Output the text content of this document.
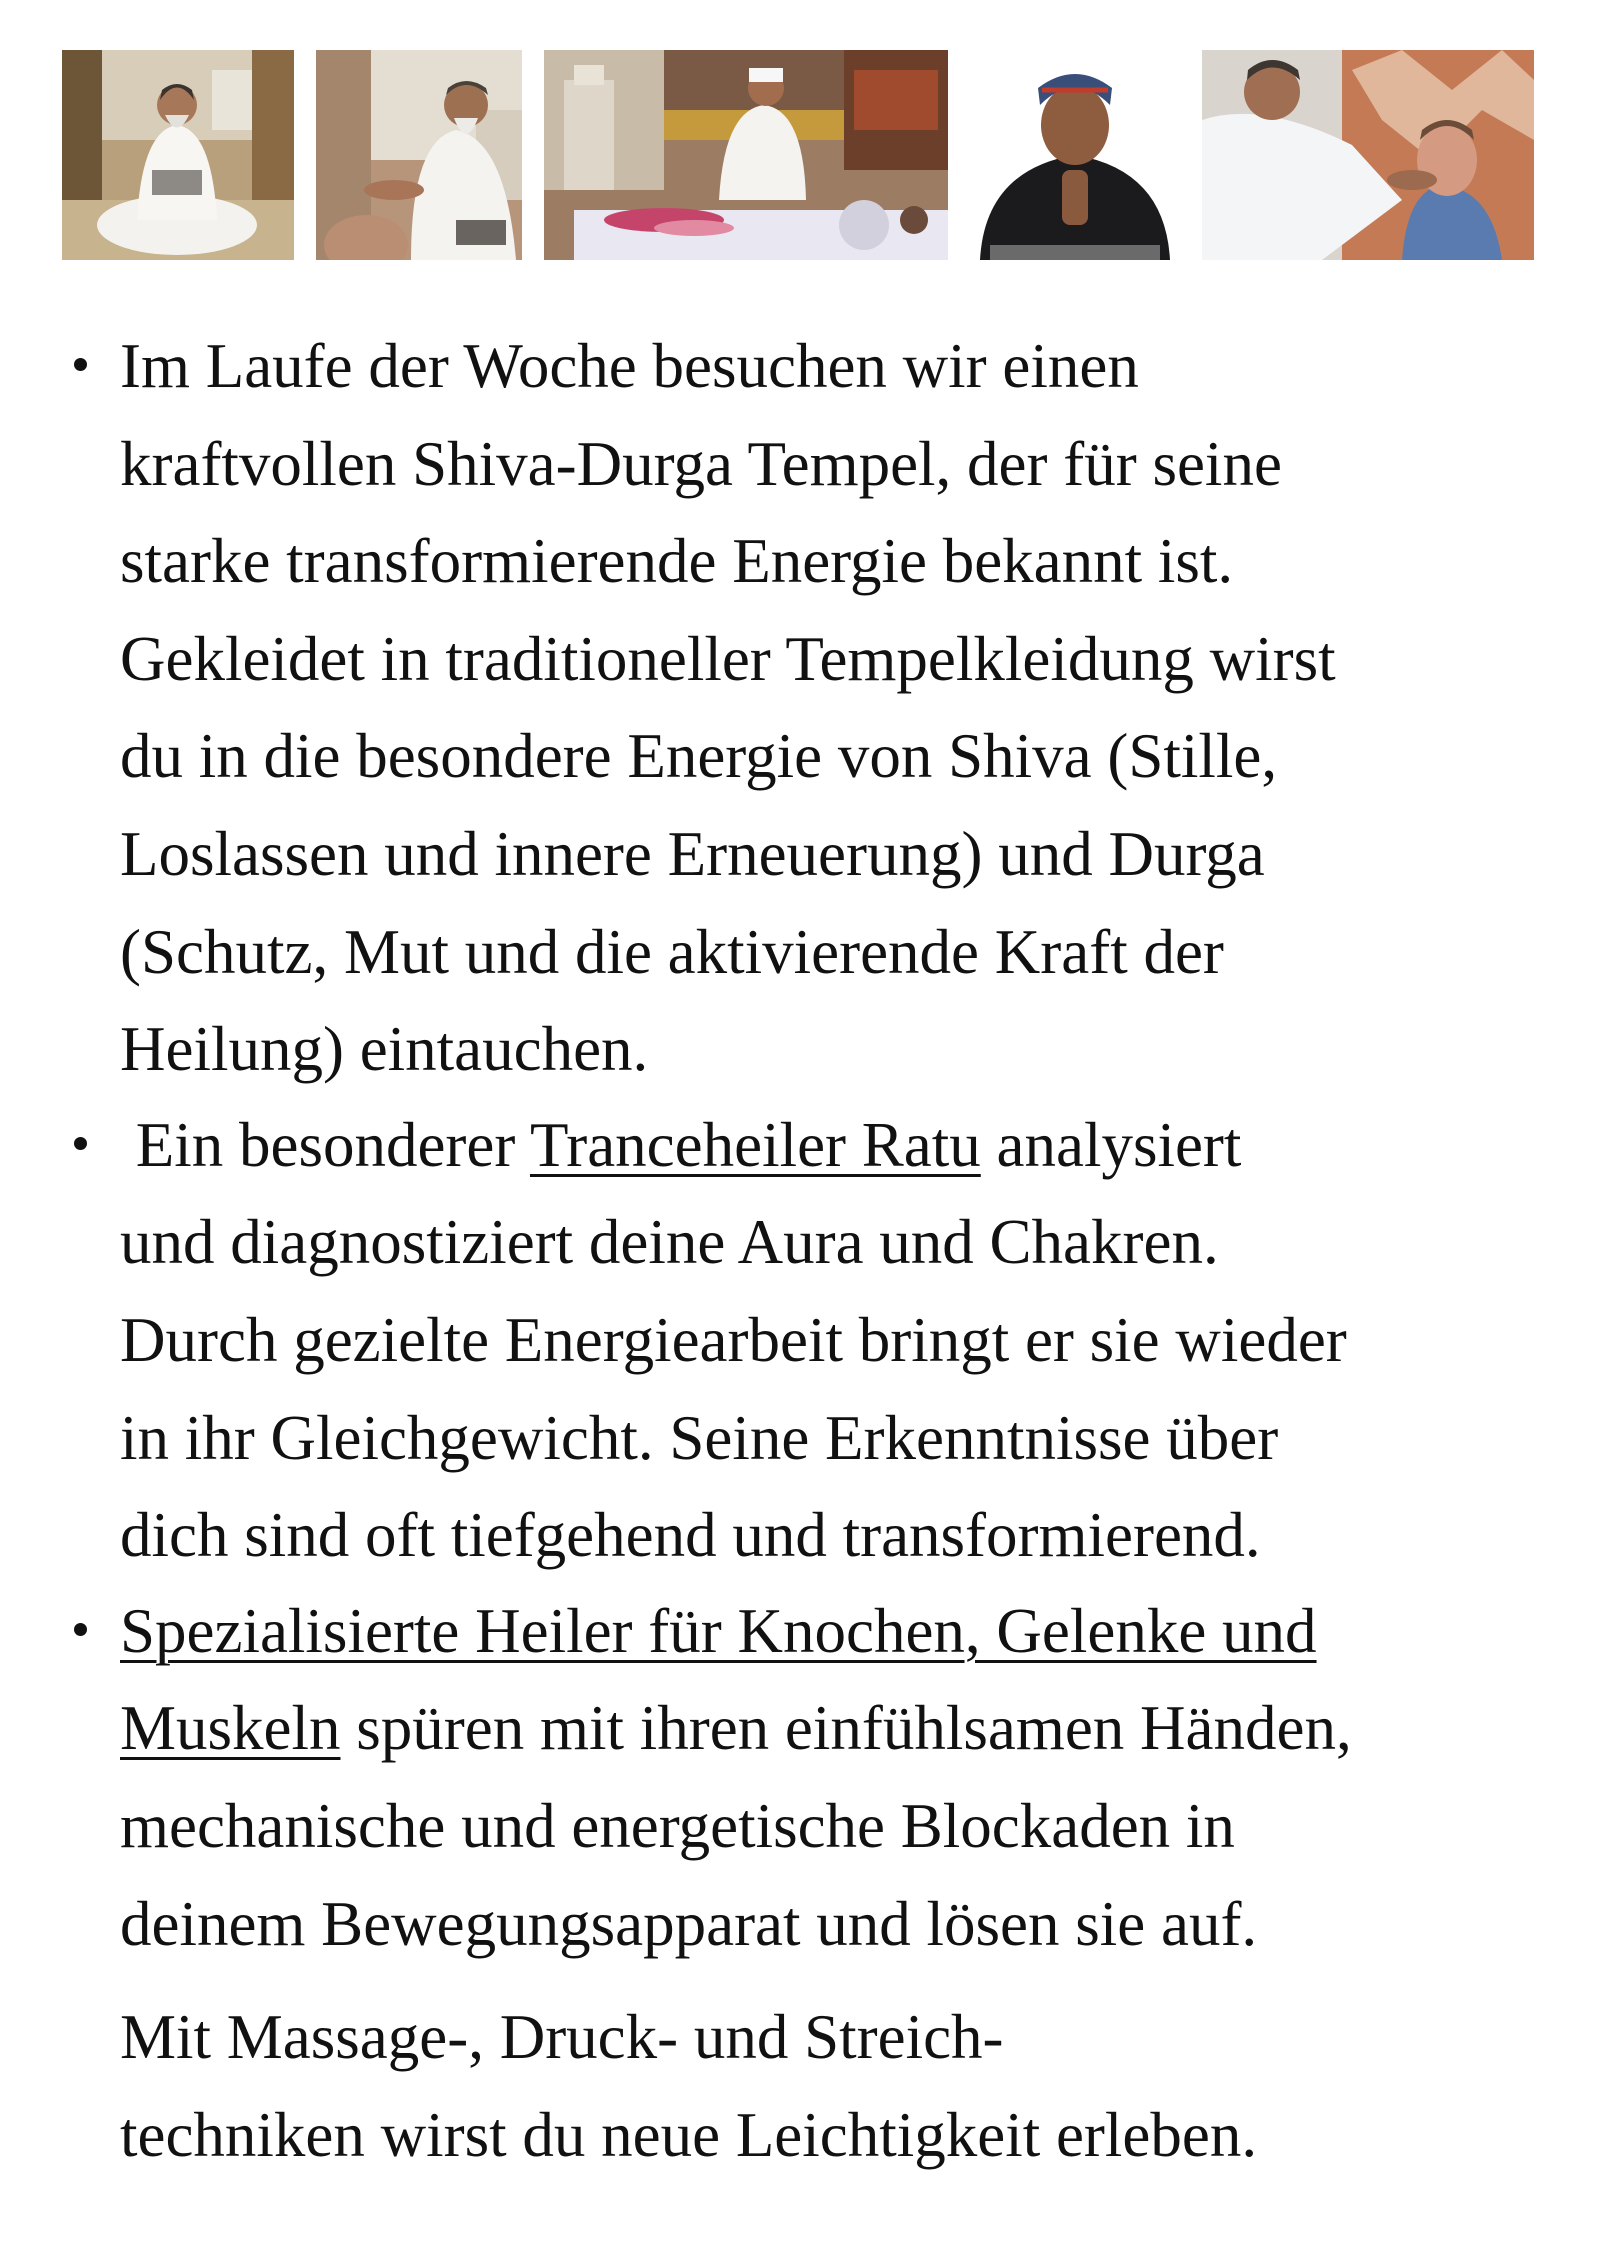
Im Laufe der Woche besuchen wir einen
kraftvollen Shiva-Durga Tempel, der für seine
starke transformierende Energie bekannt ist.
Gekleidet in traditioneller Tempelkleidung wirst
du in die besondere Energie von Shiva (Stille,
Loslassen und innere Erneuerung) und Durga
(Schutz, Mut und die aktivierende Kraft der
Heilung) eintauchen.
Ein besonderer Tranceheiler Ratu analysiert
und diagnostiziert deine Aura und Chakren.
Durch gezielte Energiearbeit bringt er sie wieder
in ihr Gleichgewicht. Seine Erkenntnisse über
dich sind oft tiefgehend und transformierend.
Spezialisierte Heiler für Knochen, Gelenke und
Muskeln spüren mit ihren einfühlsamen Händen,
mechanische und energetische Blockaden in
deinem Bewegungsapparat und lösen sie auf.
Mit Massage-, Druck- und Streich-
techniken wirst du neue Leichtigkeit erleben.
